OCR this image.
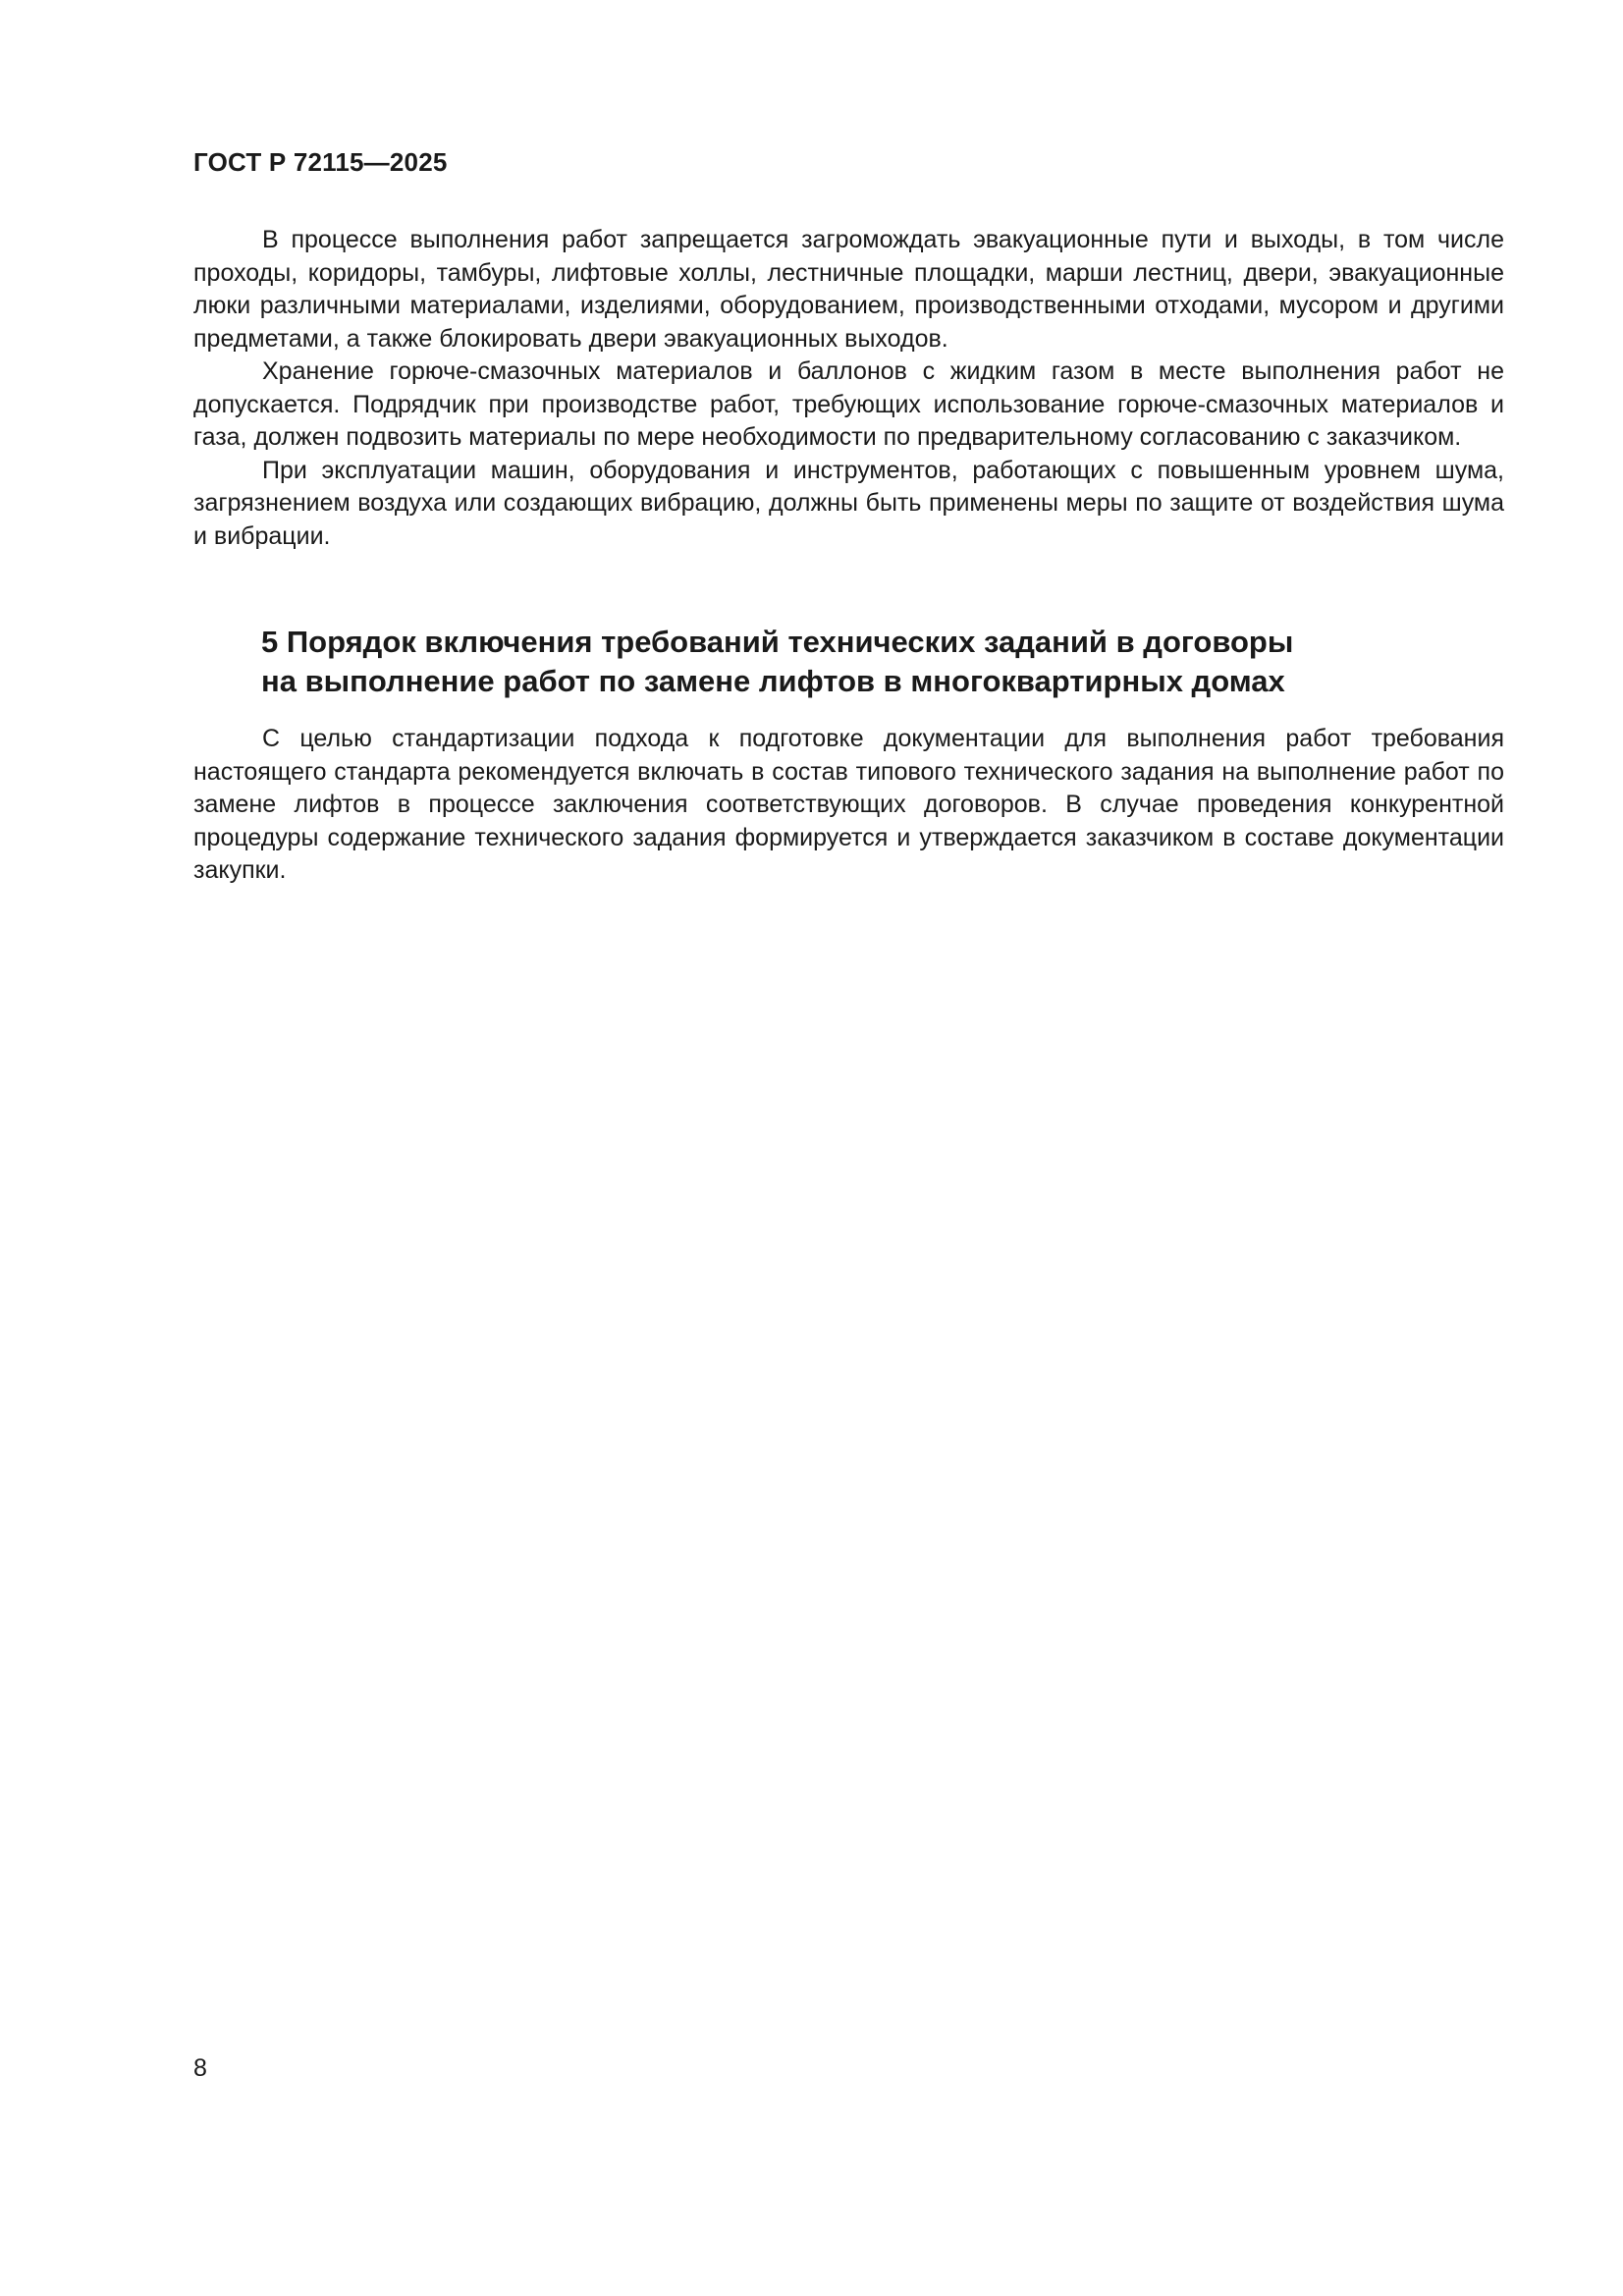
ГОСТ Р 72115—2025

В процессе выполнения работ запрещается загромождать эвакуационные пути и выходы, в том числе проходы, коридоры, тамбуры, лифтовые холлы, лестничные площадки, марши лестниц, двери, эвакуационные люки различными материалами, изделиями, оборудованием, производственными отходами, мусором и другими предметами, а также блокировать двери эвакуационных выходов.

Хранение горюче-смазочных материалов и баллонов с жидким газом в месте выполнения работ не допускается. Подрядчик при производстве работ, требующих использование горюче-смазочных материалов и газа, должен подвозить материалы по мере необходимости по предварительному согласованию с заказчиком.

При эксплуатации машин, оборудования и инструментов, работающих с повышенным уровнем шума, загрязнением воздуха или создающих вибрацию, должны быть применены меры по защите от воздействия шума и вибрации.

5 Порядок включения требований технических заданий в договоры
на выполнение работ по замене лифтов в многоквартирных домах

С целью стандартизации подхода к подготовке документации для выполнения работ требования настоящего стандарта рекомендуется включать в состав типового технического задания на выполнение работ по замене лифтов в процессе заключения соответствующих договоров. В случае проведения конкурентной процедуры содержание технического задания формируется и утверждается заказчиком в составе документации закупки.

8
